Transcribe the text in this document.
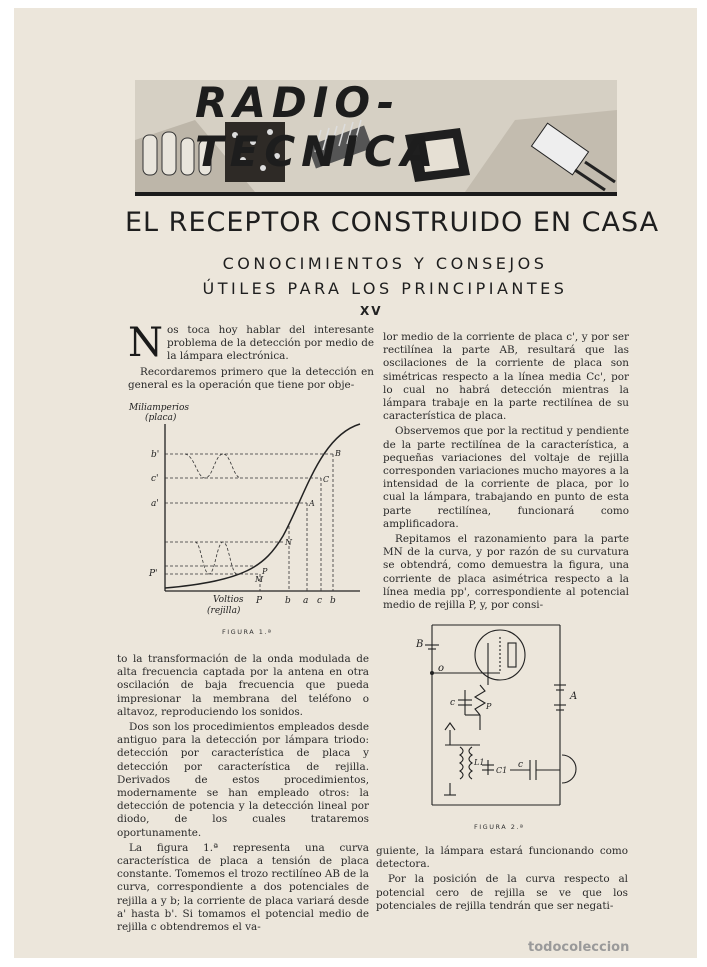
RADIO-TECNICA
EL RECEPTOR CONSTRUIDO EN CASA
CONOCIMIENTOS Y CONSEJOS
ÚTILES PARA LOS PRINCIPIANTES
XV
N os toca hoy hablar del interesante problema de la detección por medio de la lámpara electrónica.

Recordaremos primero que la detección en general es la operación que tiene por obje-

Miliamperios
(placa)
b'
c'
a'
P'
P	b a c b
B
C
A
N
P
M
Voltios
(rejilla)
FIGURA 1.ª

to la transformación de la onda modulada de alta frecuencia captada por la antena en otra oscilación de baja frecuencia que pueda impresionar la membrana del teléfono o altavoz, reproduciendo los sonidos.

Dos son los procedimientos empleados desde antiguo para la detección por lámpara triodo: detección por característica de placa y detección por característica de rejilla. Derivados de estos procedimientos, modernamente se han empleado otros: la detección de potencia y la detección lineal por diodo, de los cuales trataremos oportunamente.

La figura 1.ª representa una curva característica de placa a tensión de placa constante. Tomemos el trozo rectilíneo AB de la curva, correspondiente a dos potenciales de rejilla a y b; la corriente de placa variará desde a' hasta b'. Si tomamos el potencial medio de rejilla c obtendremos el va-

lor medio de la corriente de placa c', y por ser rectilínea la parte AB, resultará que las oscilaciones de la corriente de placa son simétricas respecto a la línea media Cc', por lo cual no habrá detección mientras la lámpara trabaje en la parte rectilínea de su característica de placa.

Observemos que por la rectitud y pendiente de la parte rectilínea de la característica, a pequeñas variaciones del voltaje de rejilla corresponden variaciones mucho mayores a la intensidad de la corriente de placa, por lo cual la lámpara, trabajando en punto de esta parte rectilínea, funcionará como amplificadora.

Repitamos el razonamiento para la parte MN de la curva, y por razón de su curvatura se obtendrá, como demuestra la figura, una corriente de placa asimétrica respecto a la línea media pp', correspondiente al potencial medio de rejilla P, y, por consi-

B
o
P
c
A
L1
C1
c
FIGURA 2.ª

guiente, la lámpara estará funcionando como detectora.

Por la posición de la curva respecto al potencial cero de rejilla se ve que los potenciales de rejilla tendrán que ser negati-

todocoleccion
